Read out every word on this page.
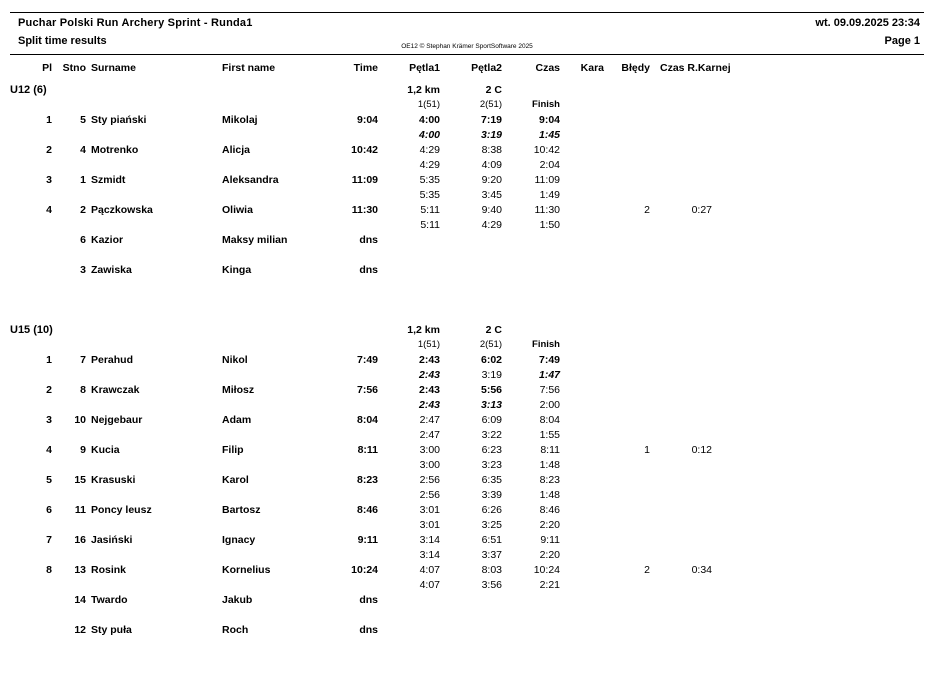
Puchar Polski Run Archery Sprint - Runda1
Split time results
wt. 09.09.2025 23:34
Page 1
OE12 © Stephan Krämer SportSoftware 2025
Pl	Stno Surname	First name	Time	Pętla1	Pętla2	Czas	Kara	Błędy Czas R.Karnej
U12 (6)	1,2 km	2 C
1(51)	2(51)	Finish
1	5 Sty piański	Mikolaj	9:04	4:00	7:19	9:04
4:00	3:19	1:45
2	4 Motrenko	Alicja	10:42	4:29	8:38	10:42
4:29	4:09	2:04
3	1 Szmidt	Aleksandra	11:09	5:35	9:20	11:09
5:35	3:45	1:49
4	2 Pączkowska	Oliwia	11:30	5:11	9:40	11:30	2	0:27
5:11	4:29	1:50
6 Kazior	Maksy milian	dns
3 Zawiska	Kinga	dns
U15 (10)	1,2 km	2 C
1(51)	2(51)	Finish
1	7 Perahud	Nikol	7:49	2:43	6:02	7:49
2:43	3:19	1:47
2	8 Krawczak	Miłosz	7:56	2:43	5:56	7:56
2:43	3:13	2:00
3	10 Nejgebaur	Adam	8:04	2:47	6:09	8:04
2:47	3:22	1:55
4	9 Kucia	Filip	8:11	3:00	6:23	8:11	1	0:12
3:00	3:23	1:48
5	15 Krasuski	Karol	8:23	2:56	6:35	8:23
2:56	3:39	1:48
6	11 Poncy leusz	Bartosz	8:46	3:01	6:26	8:46
3:01	3:25	2:20
7	16 Jasiński	Ignacy	9:11	3:14	6:51	9:11
3:14	3:37	2:20
8	13 Rosink	Kornelius	10:24	4:07	8:03	10:24	2	0:34
4:07	3:56	2:21
14 Twardo	Jakub	dns
12 Sty puła	Roch	dns
